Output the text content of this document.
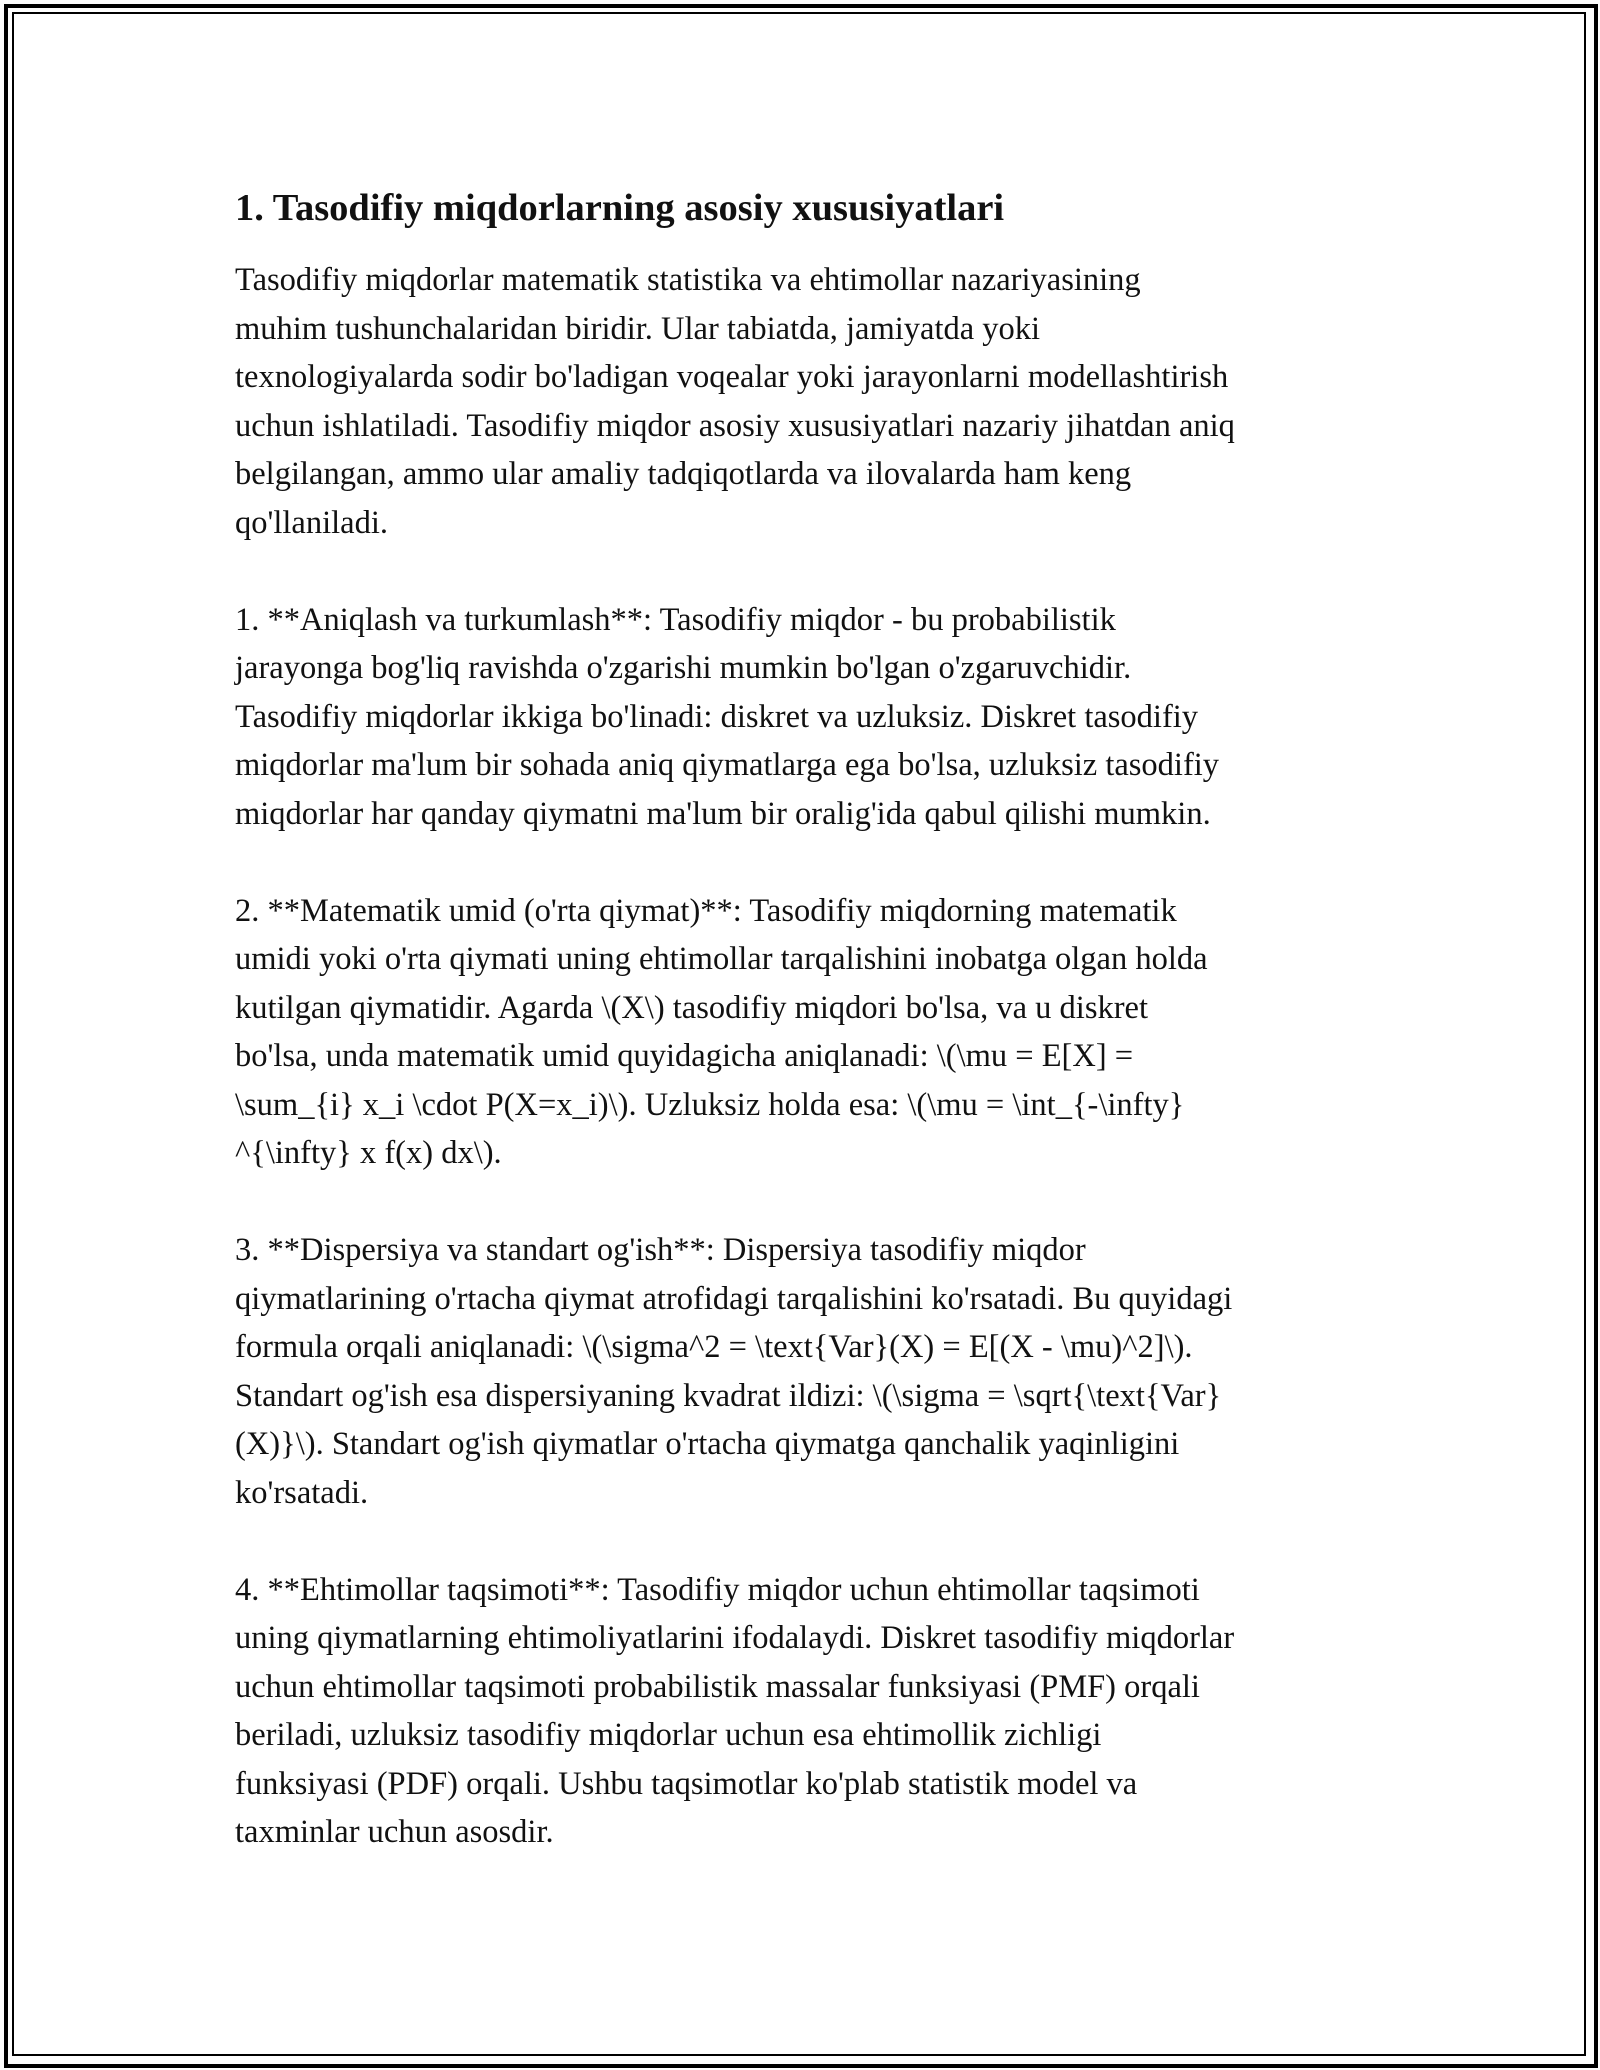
1. Tasodifiy miqdorlarning asosiy xususiyatlari

Tasodifiy miqdorlar matematik statistika va ehtimollar nazariyasining
muhim tushunchalaridan biridir. Ular tabiatda, jamiyatda yoki
texnologiyalarda sodir bo'ladigan voqealar yoki jarayonlarni modellashtirish
uchun ishlatiladi. Tasodifiy miqdor asosiy xususiyatlari nazariy jihatdan aniq
belgilangan, ammo ular amaliy tadqiqotlarda va ilovalarda ham keng
qo'llaniladi.

1. **Aniqlash va turkumlash**: Tasodifiy miqdor - bu probabilistik
jarayonga bog'liq ravishda o'zgarishi mumkin bo'lgan o'zgaruvchidir.
Tasodifiy miqdorlar ikkiga bo'linadi: diskret va uzluksiz. Diskret tasodifiy
miqdorlar ma'lum bir sohada aniq qiymatlarga ega bo'lsa, uzluksiz tasodifiy
miqdorlar har qanday qiymatni ma'lum bir oralig'ida qabul qilishi mumkin.

2. **Matematik umid (o'rta qiymat)**: Tasodifiy miqdorning matematik
umidi yoki o'rta qiymati uning ehtimollar tarqalishini inobatga olgan holda
kutilgan qiymatidir. Agarda \(X\) tasodifiy miqdori bo'lsa, va u diskret
bo'lsa, unda matematik umid quyidagicha aniqlanadi: \(\mu = E[X] =
\sum_{i} x_i \cdot P(X=x_i)\). Uzluksiz holda esa: \(\mu = \int_{-\infty}
^{\infty} x f(x) dx\).

3. **Dispersiya va standart og'ish**: Dispersiya tasodifiy miqdor
qiymatlarining o'rtacha qiymat atrofidagi tarqalishini ko'rsatadi. Bu quyidagi
formula orqali aniqlanadi: \(\sigma^2 = \text{Var}(X) = E[(X - \mu)^2]\).
Standart og'ish esa dispersiyaning kvadrat ildizi: \(\sigma = \sqrt{\text{Var}
(X)}\). Standart og'ish qiymatlar o'rtacha qiymatga qanchalik yaqinligini
ko'rsatadi.

4. **Ehtimollar taqsimoti**: Tasodifiy miqdor uchun ehtimollar taqsimoti
uning qiymatlarning ehtimoliyatlarini ifodalaydi. Diskret tasodifiy miqdorlar
uchun ehtimollar taqsimoti probabilistik massalar funksiyasi (PMF) orqali
beriladi, uzluksiz tasodifiy miqdorlar uchun esa ehtimollik zichligi
funksiyasi (PDF) orqali. Ushbu taqsimotlar ko'plab statistik model va
taxminlar uchun asosdir.
